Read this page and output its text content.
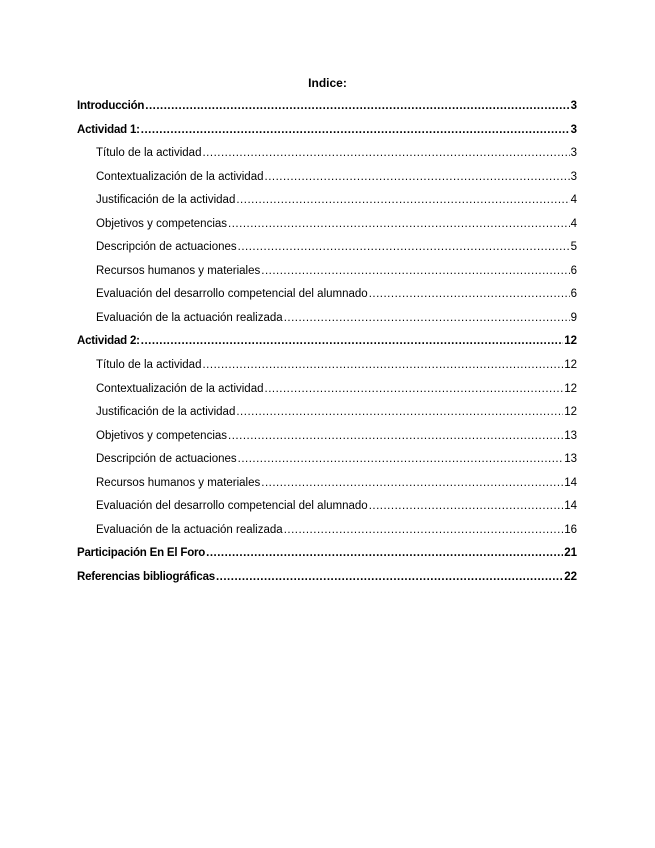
Indice:
Introducción .....	3
Actividad 1: .....	3
Título de la actividad .....	3
Contextualización de la actividad .....	3
Justificación de la actividad .....	4
Objetivos y competencias .....	4
Descripción de actuaciones .....	5
Recursos humanos y materiales .....	6
Evaluación del desarrollo competencial del alumnado .....	6
Evaluación de la actuación realizada .....	9
Actividad 2: .....	12
Título de la actividad .....	12
Contextualización de la actividad .....	12
Justificación de la actividad .....	12
Objetivos y competencias .....	13
Descripción de actuaciones .....	13
Recursos humanos y materiales .....	14
Evaluación del desarrollo competencial del alumnado .....	14
Evaluación de la actuación realizada .....	16
Participación En El Foro .....	21
Referencias bibliográficas .....	22
